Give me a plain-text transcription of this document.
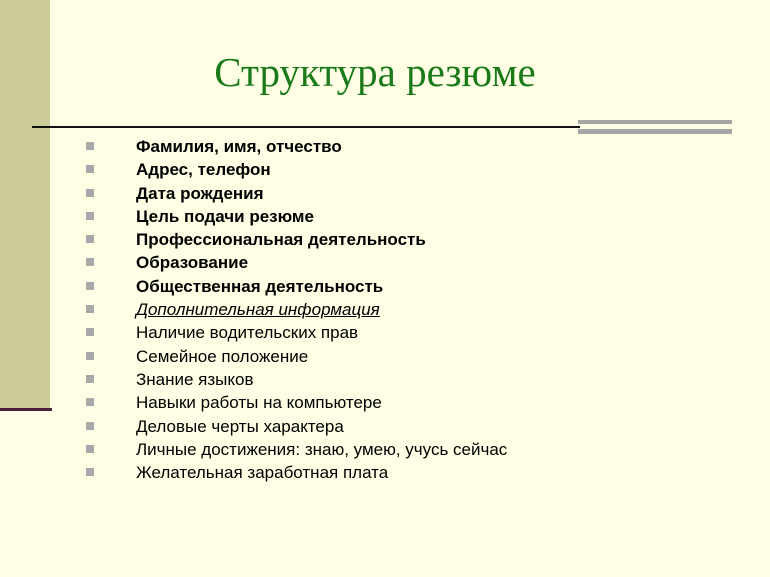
Структура резюме
Фамилия, имя, отчество
Адрес, телефон
Дата рождения
Цель подачи резюме
Профессиональная деятельность
Образование
Общественная деятельность
Дополнительная информация
Наличие водительских прав
Семейное положение
Знание языков
Навыки работы на компьютере
Деловые черты характера
Личные достижения: знаю, умею, учусь сейчас
Желательная заработная плата
